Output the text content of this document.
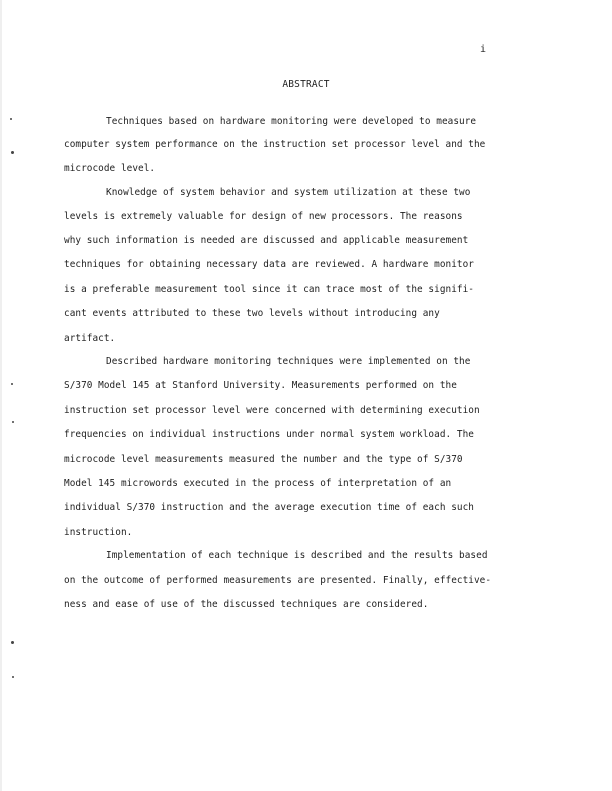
i
ABSTRACT
Techniques based on hardware monitoring were developed to measure
computer system performance on the instruction set processor level and the
microcode level.
Knowledge of system behavior and system utilization at these two
levels is extremely valuable for design of new processors. The reasons
why such information is needed are discussed and applicable measurement
techniques for obtaining necessary data are reviewed. A hardware monitor
is a preferable measurement tool since it can trace most of the signifi-
cant events attributed to these two levels without introducing any
artifact.
Described hardware monitoring techniques were implemented on the
S/370 Model 145 at Stanford University. Measurements performed on the
instruction set processor level were concerned with determining execution
frequencies on individual instructions under normal system workload. The
microcode level measurements measured the number and the type of S/370
Model 145 microwords executed in the process of interpretation of an
individual S/370 instruction and the average execution time of each such
instruction.
Implementation of each technique is described and the results based
on the outcome of performed measurements are presented. Finally, effective-
ness and ease of use of the discussed techniques are considered.
